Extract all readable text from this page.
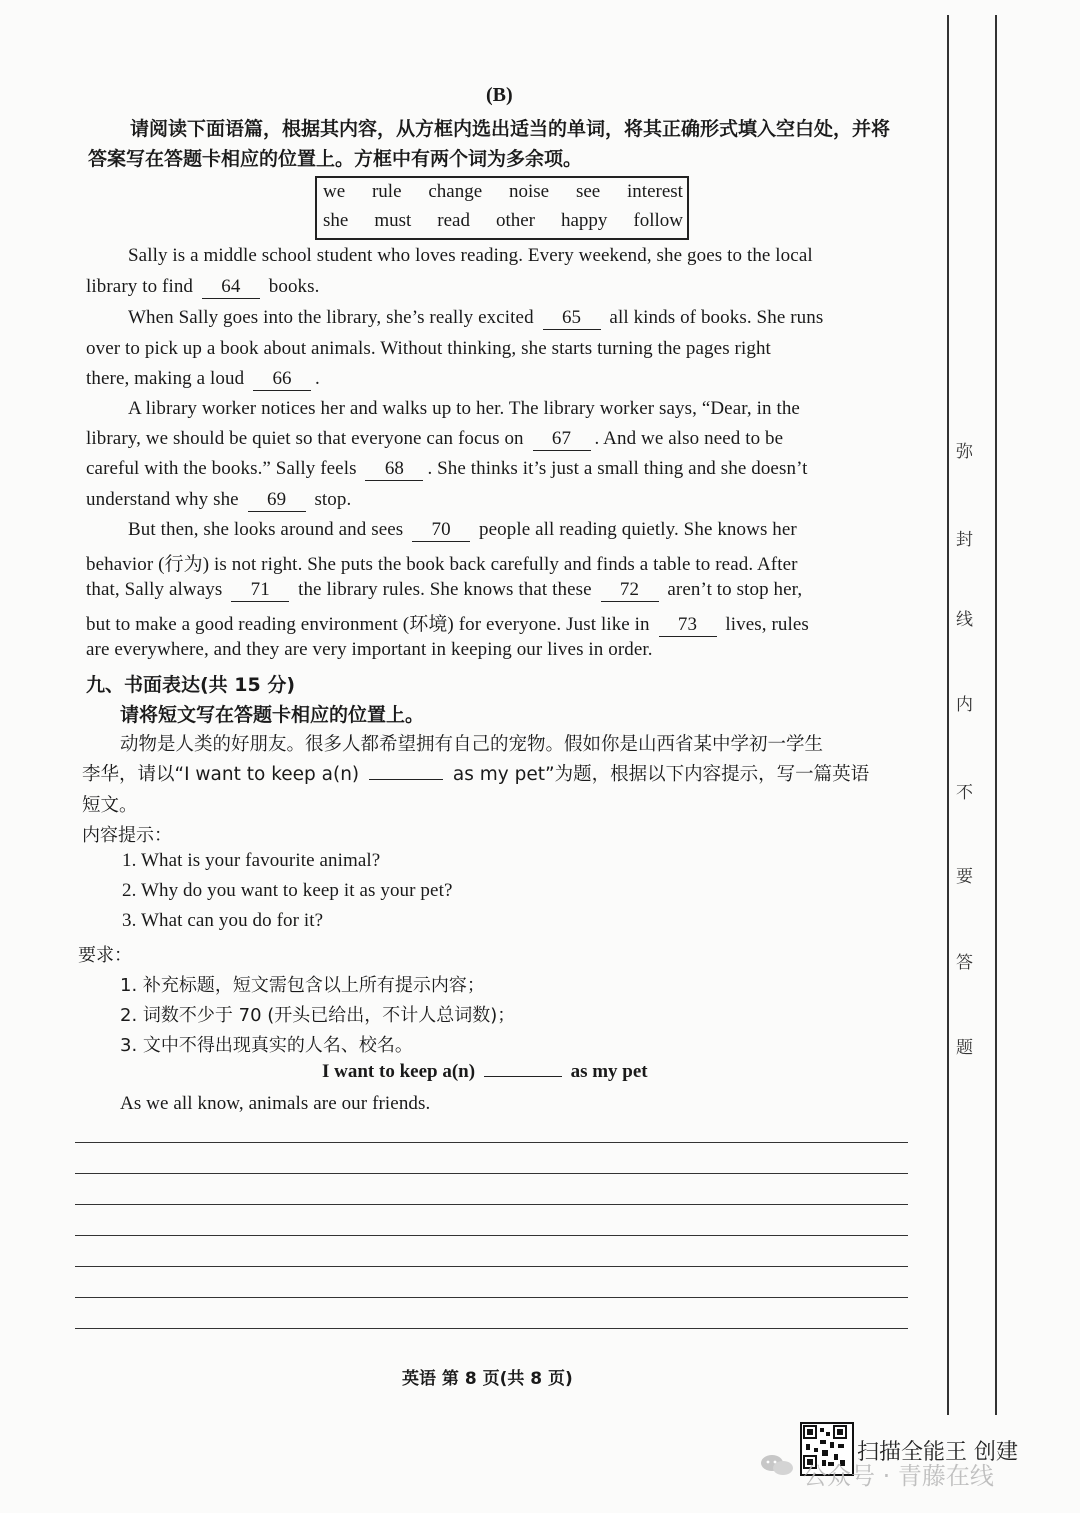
(B)
请阅读下面语篇，根据其内容，从方框内选出适当的单词，将其正确形式填入空白处，并将
答案写在答题卡相应的位置上。方框中有两个词为多余项。
we rule change noise see interest
she must read other happy follow
Sally is a middle school student who loves reading. Every weekend, she goes to the local
library to find 64 books.
When Sally goes into the library, she’s really excited 65 all kinds of books. She runs
over to pick up a book about animals. Without thinking, she starts turning the pages right
there, making a loud 66 .
A library worker notices her and walks up to her. The library worker says, “Dear, in the
library, we should be quiet so that everyone can focus on 67 . And we also need to be
careful with the books.” Sally feels 68 . She thinks it’s just a small thing and she doesn’t
understand why she 69 stop.
But then, she looks around and sees 70 people all reading quietly. She knows her
behavior (行为) is not right. She puts the book back carefully and finds a table to read. After
that, Sally always 71 the library rules. She knows that these 72 aren’t to stop her,
but to make a good reading environment (环境) for everyone. Just like in 73 lives, rules
are everywhere, and they are very important in keeping our lives in order.
九、书面表达(共 15 分)
请将短文写在答题卡相应的位置上。
动物是人类的好朋友。很多人都希望拥有自己的宠物。假如你是山西省某中学初一学生
李华，请以“I want to keep a(n)	as my pet”为题，根据以下内容提示，写一篇英语
短文。
内容提示：
1. What is your favourite animal?
2. Why do you want to keep it as your pet?
3. What can you do for it?
要求：
1. 补充标题，短文需包含以上所有提示内容；
2. 词数不少于 70 (开头已给出，不计人总词数)；
3. 文中不得出现真实的人名、校名。
I want to keep a(n)	as my pet
As we all know, animals are our friends.
英语 第 8 页(共 8 页)
弥
封
线
内
不
要
答
题
扫描全能王 创建
公众号 · 青藤在线
